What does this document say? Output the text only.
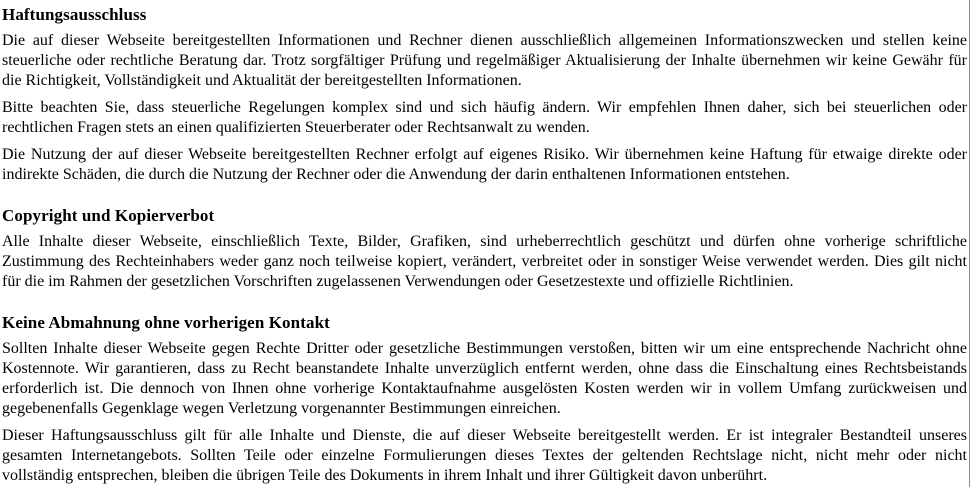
Haftungsausschluss

Die auf dieser Webseite bereitgestellten Informationen und Rechner dienen ausschließlich allgemeinen Informationszwecken und stellen keine steuerliche oder rechtliche Beratung dar. Trotz sorgfältiger Prüfung und regelmäßiger Aktualisierung der Inhalte übernehmen wir keine Gewähr für die Richtigkeit, Vollständigkeit und Aktualität der bereitgestellten Informationen.

Bitte beachten Sie, dass steuerliche Regelungen komplex sind und sich häufig ändern. Wir empfehlen Ihnen daher, sich bei steuerlichen oder rechtlichen Fragen stets an einen qualifizierten Steuerberater oder Rechtsanwalt zu wenden.

Die Nutzung der auf dieser Webseite bereitgestellten Rechner erfolgt auf eigenes Risiko. Wir übernehmen keine Haftung für etwaige direkte oder indirekte Schäden, die durch die Nutzung der Rechner oder die Anwendung der darin enthaltenen Informationen entstehen.

Copyright und Kopierverbot

Alle Inhalte dieser Webseite, einschließlich Texte, Bilder, Grafiken, sind urheberrechtlich geschützt und dürfen ohne vorherige schriftliche Zustimmung des Rechteinhabers weder ganz noch teilweise kopiert, verändert, verbreitet oder in sonstiger Weise verwendet werden. Dies gilt nicht für die im Rahmen der gesetzlichen Vorschriften zugelassenen Verwendungen oder Gesetzestexte und offizielle Richtlinien.

Keine Abmahnung ohne vorherigen Kontakt

Sollten Inhalte dieser Webseite gegen Rechte Dritter oder gesetzliche Bestimmungen verstoßen, bitten wir um eine entsprechende Nachricht ohne Kostennote. Wir garantieren, dass zu Recht beanstandete Inhalte unverzüglich entfernt werden, ohne dass die Einschaltung eines Rechtsbeistands erforderlich ist. Die dennoch von Ihnen ohne vorherige Kontaktaufnahme ausgelösten Kosten werden wir in vollem Umfang zurückweisen und gegebenenfalls Gegenklage wegen Verletzung vorgenannter Bestimmungen einreichen.

Dieser Haftungsausschluss gilt für alle Inhalte und Dienste, die auf dieser Webseite bereitgestellt werden. Er ist integraler Bestandteil unseres gesamten Internetangebots. Sollten Teile oder einzelne Formulierungen dieses Textes der geltenden Rechtslage nicht, nicht mehr oder nicht vollständig entsprechen, bleiben die übrigen Teile des Dokuments in ihrem Inhalt und ihrer Gültigkeit davon unberührt.
